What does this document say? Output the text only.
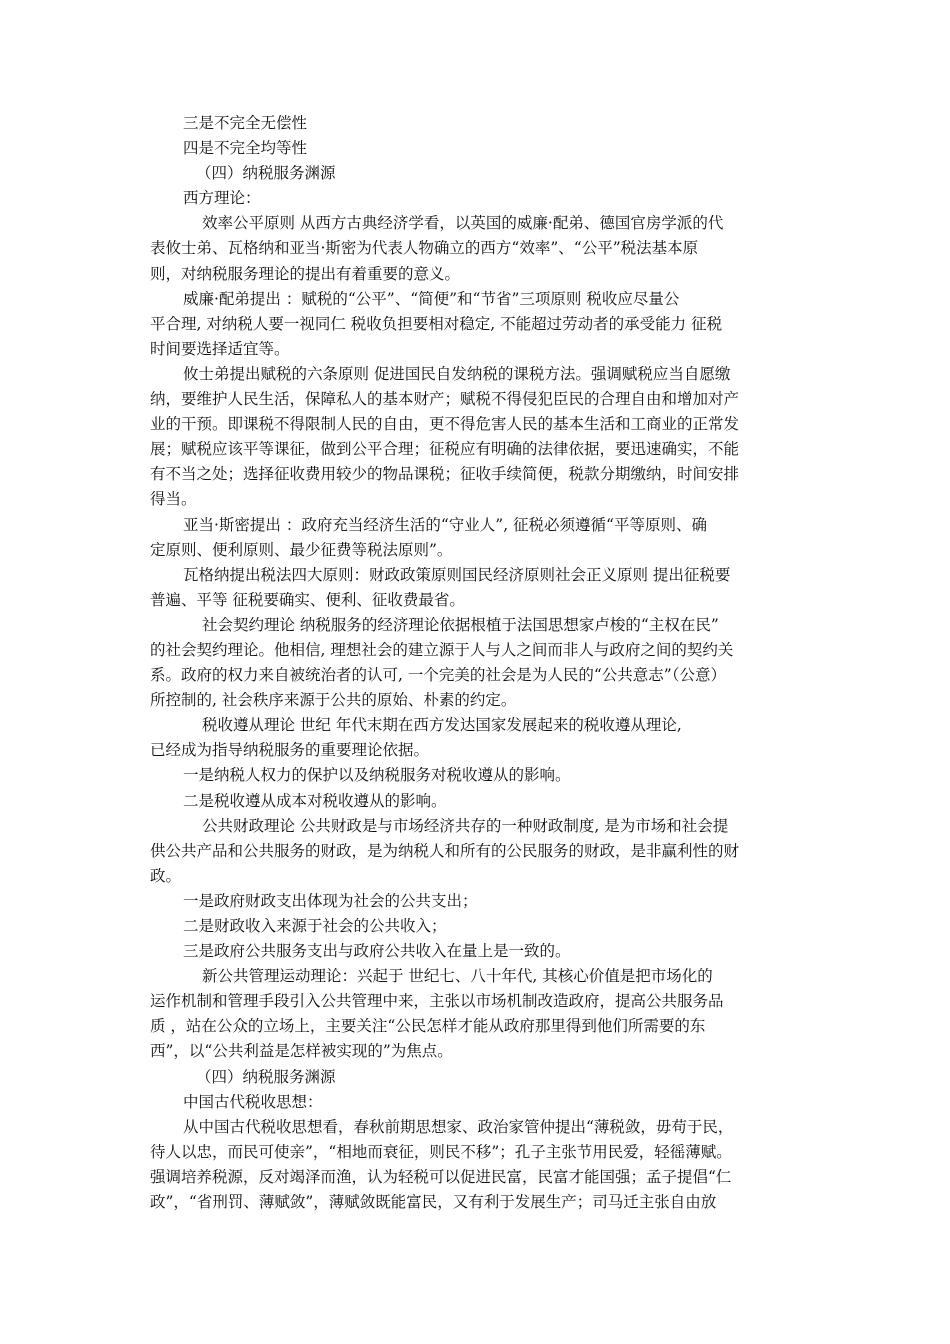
三是不完全无偿性
四是不完全均等性
（四）纳税服务渊源
西方理论：
效率公平原则 从西方古典经济学看，以英国的威廉·配弟、德国官房学派的代
表攸士弟、瓦格纳和亚当·斯密为代表人物确立的西方“效率”、“公平”税法基本原
则，对纳税服务理论的提出有着重要的意义。
威廉·配弟提出 ：赋税的“公平”、“简便”和“节省”三项原则 税收应尽量公
平合理, 对纳税人要一视同仁 税收负担要相对稳定, 不能超过劳动者的承受能力 征税
时间要选择适宜等。
攸士弟提出赋税的六条原则 促进国民自发纳税的课税方法。强调赋税应当自愿缴
纳，要维护人民生活，保障私人的基本财产；赋税不得侵犯臣民的合理自由和增加对产
业的干预。即课税不得限制人民的自由，更不得危害人民的基本生活和工商业的正常发
展；赋税应该平等课征，做到公平合理；征税应有明确的法律依据，要迅速确实，不能
有不当之处；选择征收费用较少的物品课税；征收手续简便，税款分期缴纳，时间安排
得当。
亚当·斯密提出 ：政府充当经济生活的“守业人”, 征税必须遵循“平等原则、确
定原则、便利原则、最少征费等税法原则”。
瓦格纳提出税法四大原则：财政政策原则国民经济原则社会正义原则 提出征税要
普遍、平等 征税要确实、便利、征收费最省。
社会契约理论 纳税服务的经济理论依据根植于法国思想家卢梭的“主权在民”
的社会契约理论。他相信, 理想社会的建立源于人与人之间而非人与政府之间的契约关
系。政府的权力来自被统治者的认可, 一个完美的社会是为人民的“公共意志”（公意）
所控制的, 社会秩序来源于公共的原始、朴素的约定。
税收遵从理论 世纪 年代末期在西方发达国家发展起来的税收遵从理论,
已经成为指导纳税服务的重要理论依据。
一是纳税人权力的保护以及纳税服务对税收遵从的影响。
二是税收遵从成本对税收遵从的影响。
公共财政理论 公共财政是与市场经济共存的一种财政制度, 是为市场和社会提
供公共产品和公共服务的财政，是为纳税人和所有的公民服务的财政，是非赢利性的财
政。
一是政府财政支出体现为社会的公共支出；
二是财政收入来源于社会的公共收入；
三是政府公共服务支出与政府公共收入在量上是一致的。
新公共管理运动理论：兴起于 世纪七、八十年代, 其核心价值是把市场化的
运作机制和管理手段引入公共管理中来，主张以市场机制改造政府，提高公共服务品
质 ，站在公众的立场上，主要关注“公民怎样才能从政府那里得到他们所需要的东
西”，以“公共利益是怎样被实现的”为焦点。
（四）纳税服务渊源
中国古代税收思想：
从中国古代税收思想看，春秋前期思想家、政治家管仲提出“薄税敛，毋苟于民，
待人以忠，而民可使亲”，“相地而衰征，则民不移”；孔子主张节用民爱，轻徭薄赋。
强调培养税源，反对竭泽而渔，认为轻税可以促进民富，民富才能国强；孟子提倡“仁
政”，“省刑罚、薄赋敛”，薄赋敛既能富民，又有利于发展生产；司马迁主张自由放
